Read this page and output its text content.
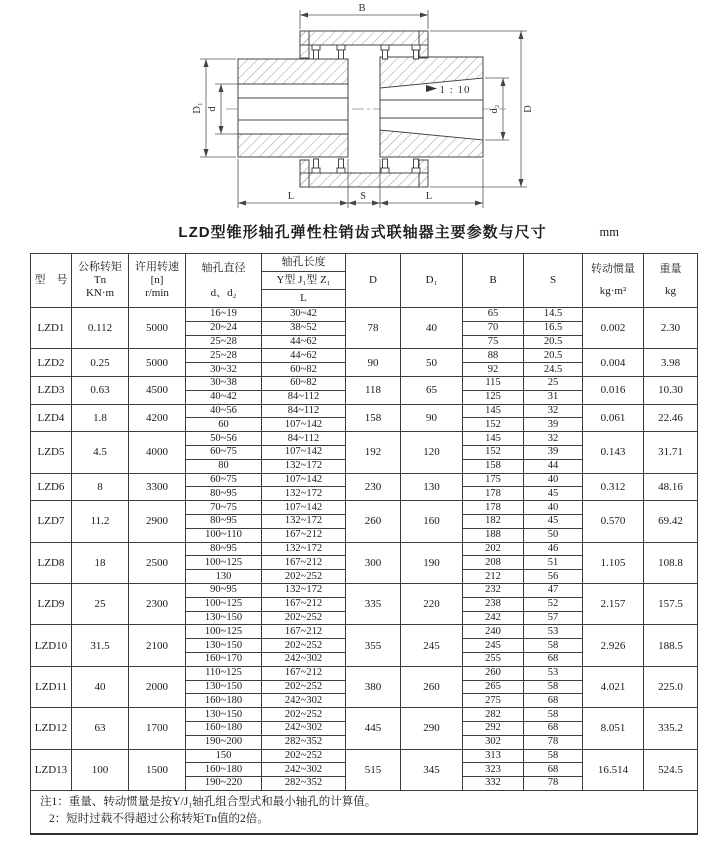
B
D
d₂
D₁ d
L	S	L
1 : 10
LZD型锥形轴孔弹性柱销齿式联轴器主要参数与尺寸	mm
型　号	公称转矩
Tn
KN·m	许用转速
[n]
r/min	轴孔直径
d、d₂	轴孔长度	D	D₁	B	S	转动惯量
kg·m²	重量
kg

				Y型 J₁型 Z₁						

				L						

LZD1	0.112	5000	16~19	30~42	78	40	65	14.5	0.002	2.30
			20~24	38~52			70	16.5		
			25~28	44~62			75	20.5		
LZD2	0.25	5000	25~28	44~62	90	50	88	20.5	0.004	3.98
			30~32	60~82			92	24.5		
LZD3	0.63	4500	30~38	60~82	118	65	115	25	0.016	10.30
			40~42	84~112			125	31		
LZD4	1.8	4200	40~56	84~112	158	90	145	32	0.061	22.46
			60	107~142			152	39		
LZD5	4.5	4000	50~56	84~112	192	120	145	32	0.143	31.71
			60~75	107~142			152	39		
			80	132~172			158	44		
LZD6	8	3300	60~75	107~142	230	130	175	40	0.312	48.16
			80~95	132~172			178	45		
LZD7	11.2	2900	70~75	107~142	260	160	178	40	0.570	69.42
			80~95	132~172			182	45		
			100~110	167~212			188	50		
LZD8	18	2500	80~95	132~172	300	190	202	46	1.105	108.8
			100~125	167~212			208	51		
			130	202~252			212	56		
LZD9	25	2300	90~95	132~172	335	220	232	47	2.157	157.5
			100~125	167~212			238	52		
			130~150	202~252			242	57		
LZD10	31.5	2100	100~125	167~212	355	245	240	53	2.926	188.5
			130~150	202~252			245	58		
			160~170	242~302			255	68		
LZD11	40	2000	110~125	167~212	380	260	260	53	4.021	225.0
			130~150	202~252			265	58		
			160~180	242~302			275	68		
LZD12	63	1700	130~150	202~252	445	290	282	58	8.051	335.2
			160~180	242~302			292	68		
			190~200	282~352			302	78		
LZD13	100	1500	150	202~252	515	345	313	58	16.514	524.5
			160~180	242~302			323	68		
			190~220	282~352			332	78		

注1：重量、转动惯量是按Y/J₁轴孔组合型式和最小轴孔的计算值。
2：短时过载不得超过公称转矩Tn值的2倍。										
